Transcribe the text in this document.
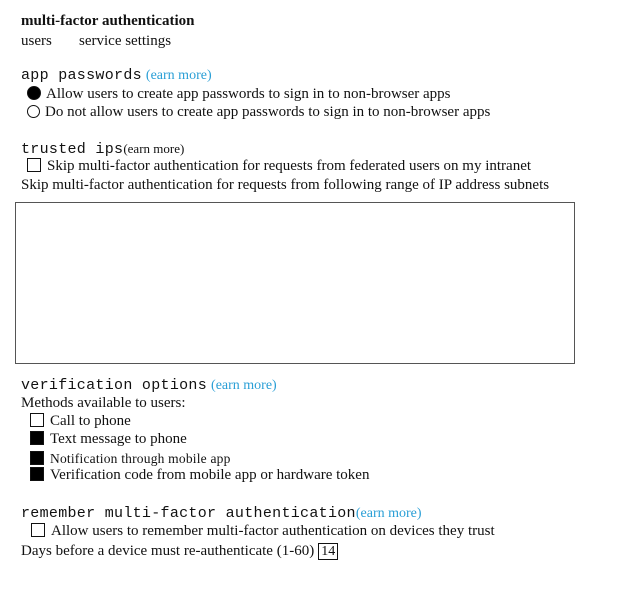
multi-factor authentication
users service settings
app passwords (earn more)
Allow users to create app passwords to sign in to non-browser apps
Do not allow users to create app passwords to sign in to non-browser apps
trusted ips(earn more)
Skip multi-factor authentication for requests from federated users on my intranet
Skip multi-factor authentication for requests from following range of IP address subnets
verification options (earn more)
Methods available to users:
Call to phone
Text message to phone
Notification through mobile app
Verification code from mobile app or hardware token
remember multi-factor authentication(earn more)
Allow users to remember multi-factor authentication on devices they trust
Days before a device must re-authenticate (1-60) 14
